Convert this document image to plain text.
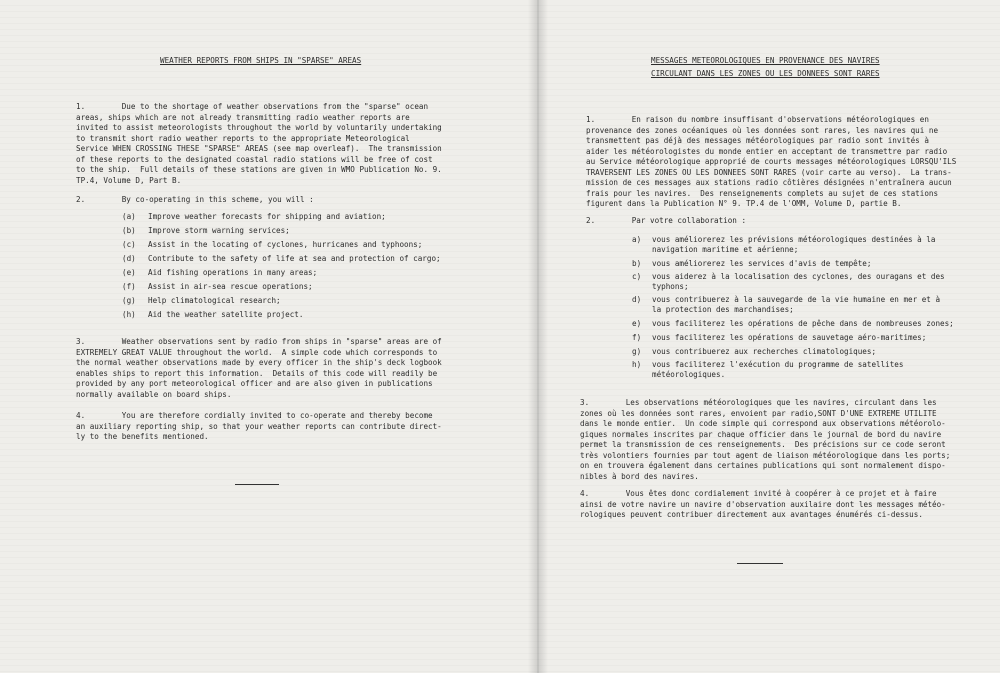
WEATHER REPORTS FROM SHIPS IN "SPARSE" AREAS
1.        Due to the shortage of weather observations from the "sparse" ocean
areas, ships which are not already transmitting radio weather reports are
invited to assist meteorologists throughout the world by voluntarily undertaking
to transmit short radio weather reports to the appropriate Meteorological
Service WHEN CROSSING THESE "SPARSE" AREAS (see map overleaf).  The transmission
of these reports to the designated coastal radio stations will be free of cost
to the ship.  Full details of these stations are given in WMO Publication No. 9.
TP.4, Volume D, Part B.
2.        By co-operating in this scheme, you will :
(a) Improve weather forecasts for shipping and aviation;
(b) Improve storm warning services;
(c) Assist in the locating of cyclones, hurricanes and typhoons;
(d) Contribute to the safety of life at sea and protection of cargo;
(e) Aid fishing operations in many areas;
(f) Assist in air-sea rescue operations;
(g) Help climatological research;
(h) Aid the weather satellite project.
3.        Weather observations sent by radio from ships in "sparse" areas are of
EXTREMELY GREAT VALUE throughout the world.  A simple code which corresponds to
the normal weather observations made by every officer in the ship's deck logbook
enables ships to report this information.  Details of this code will readily be
provided by any port meteorological officer and are also given in publications
normally available on board ships.
4.        You are therefore cordially invited to co-operate and thereby become
an auxiliary reporting ship, so that your weather reports can contribute direct-
ly to the benefits mentioned.
MESSAGES METEOROLOGIQUES EN PROVENANCE DES NAVIRES
CIRCULANT DANS LES ZONES OU LES DONNEES SONT RARES
1.        En raison du nombre insuffisant d'observations météorologiques en
provenance des zones océaniques où les données sont rares, les navires qui ne
transmettent pas déjà des messages météorologiques par radio sont invités à
aider les météorologistes du monde entier en acceptant de transmettre par radio
au Service météorologique approprié de courts messages météorologiques LORSQU'ILS
TRAVERSENT LES ZONES OU LES DONNEES SONT RARES (voir carte au verso).  La trans-
mission de ces messages aux stations radio côtières désignées n'entraînera aucun
frais pour les navires.  Des renseignements complets au sujet de ces stations
figurent dans la Publication N° 9. TP.4 de l'OMM, Volume D, partie B.
2.        Par votre collaboration :
a) vous améliorerez les prévisions météorologiques destinées à la
navigation maritime et aérienne;
b) vous améliorerez les services d'avis de tempête;
c) vous aiderez à la localisation des cyclones, des ouragans et des
typhons;
d) vous contribuerez à la sauvegarde de la vie humaine en mer et à
la protection des marchandises;
e) vous faciliterez les opérations de pêche dans de nombreuses zones;
f) vous faciliterez les opérations de sauvetage aéro-maritimes;
g) vous contribuerez aux recherches climatologiques;
h) vous faciliterez l'exécution du programme de satellites
météorologiques.
3.        Les observations météorologiques que les navires, circulant dans les
zones où les données sont rares, envoient par radio,SONT D'UNE EXTREME UTILITE
dans le monde entier.  Un code simple qui correspond aux observations météorolo-
giques normales inscrites par chaque officier dans le journal de bord du navire
permet la transmission de ces renseignements.  Des précisions sur ce code seront
très volontiers fournies par tout agent de liaison météorologique dans les ports;
on en trouvera également dans certaines publications qui sont normalement dispo-
nibles à bord des navires.
4.        Vous êtes donc cordialement invité à coopérer à ce projet et à faire
ainsi de votre navire un navire d'observation auxilaire dont les messages météo-
rologiques peuvent contribuer directement aux avantages énumérés ci-dessus.
